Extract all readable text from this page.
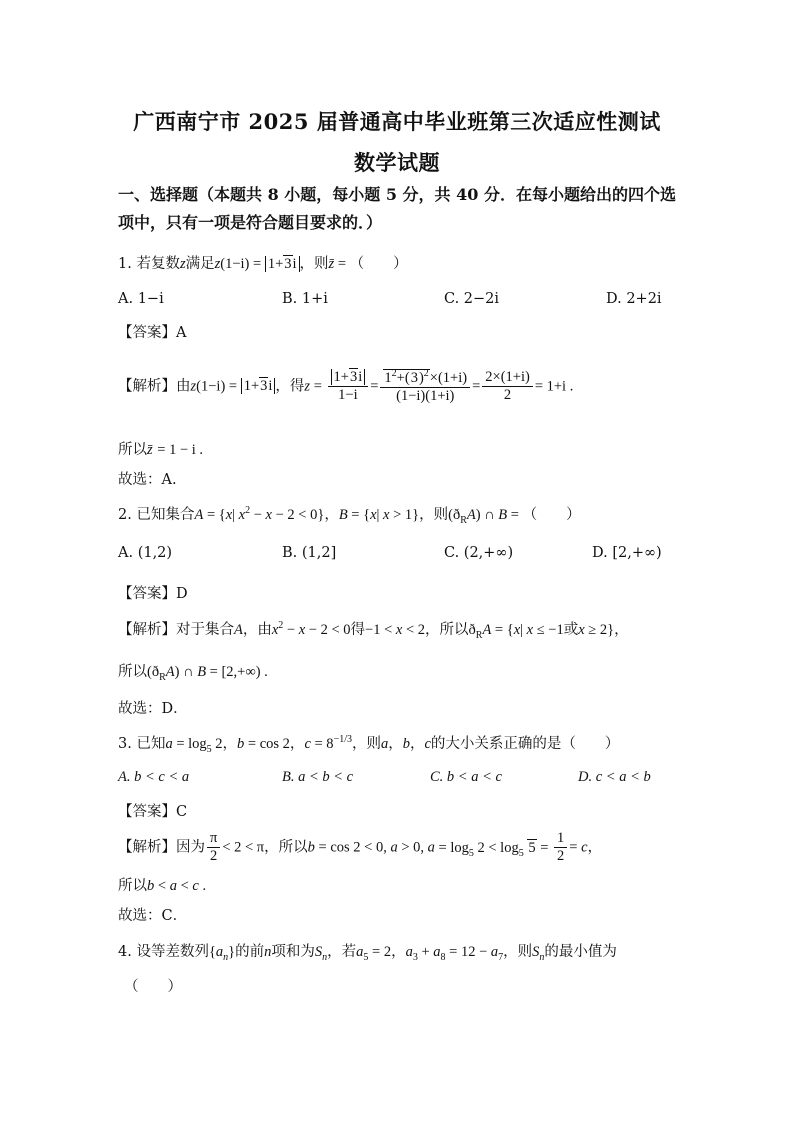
广西南宁市 2025 届普通高中毕业班第三次适应性测试
数学试题
一、选择题（本题共 8 小题，每小题 5 分，共 40 分．在每小题给出的四个选
项中，只有一项是符合题目要求的．）
1. 若复数z满足z(1−i) = 1+3i ，则z̄ = （　　）
A. 1−i	B. 1+i	C. 2−2i	D. 2+2i
【答案】A
【解析】由z(1−i) = 1+3i ，得$z = \frac{1+3i}{1-i} = \frac{1^2+(3)^2\times(1+i)}{(1-i)(1+i)} = \frac{2\times(1+i)}{2} = 1+i$ .
所以z̄ = 1 − i .
故选：A.
2. 已知集合A = {x| $x^2 - x - 2 < 0$}，B = {x| x > 1}，则$(ð_RA)$ ∩ B = （　　）
A. (1,2)	B. (1,2]	C. (2,+∞)	D. [2,+∞)
【答案】D
【解析】对于集合A，由$x^2 - x - 2 < 0$得−1 < x < 2，所以$ð_RA = \{x|$ x ≤ −1或x ≥ 2}，
所以$(ð_RA)$ ∩ B = [2,+∞) .
故选：D．
3. 已知$a = \log_5 2$，b = cos 2，$c = 8^{-1/3}$，则a，b，c的大小关系正确的是（　　）
A. b < c < a	B. a < b < c	C. b < a < c	D. c < a < b
【答案】C
【解析】因为 $\frac{\pi}{2} < 2 < \pi$，所以b = cos 2 < 0, a > 0, $a = \log_5 2 < \log_5 5 = \frac{1}{2} = c$，
所以b < a < c .
故选：C．
4. 设等差数列$\{a_n\}$的前n项和为$S_n$，若$a_5 = 2$，$a_3 + a_8 = 12 - a_7$，则$S_n$的最小值为
（　　）
